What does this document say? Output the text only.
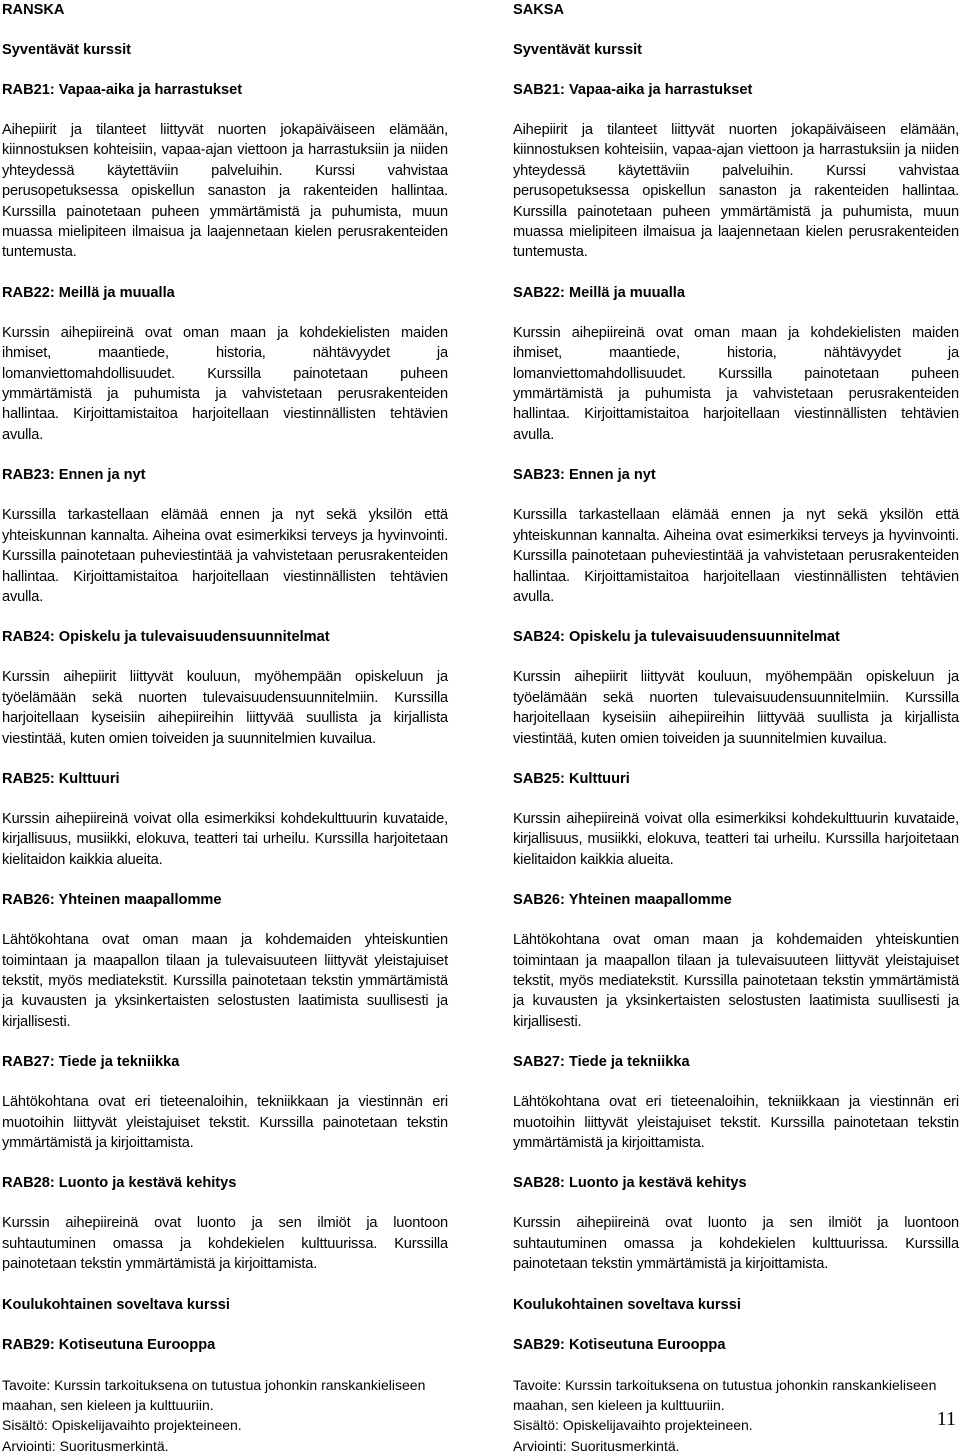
RANSKA
Syventävät kurssit
RAB21: Vapaa-aika ja harrastukset
Aihepiirit ja tilanteet liittyvät nuorten jokapäiväiseen elämään, kiinnostuksen kohteisiin, vapaa-ajan viettoon ja harrastuksiin ja niiden yhteydessä käytettäviin palveluihin. Kurssi vahvistaa perusopetuksessa opiskellun sanaston ja rakenteiden hallintaa. Kurssilla painotetaan puheen ymmärtämistä ja puhumista, muun muassa mielipiteen ilmaisua ja laajennetaan kielen perusrakenteiden tuntemusta.
RAB22: Meillä ja muualla
Kurssin aihepiireinä ovat oman maan ja kohdekielisten maiden ihmiset, maantiede, historia, nähtävyydet ja lomanviettomahdollisuudet. Kurssilla painotetaan puheen ymmärtämistä ja puhumista ja vahvistetaan perusrakenteiden hallintaa. Kirjoittamistaitoa harjoitellaan viestinnällisten tehtävien avulla.
RAB23: Ennen ja nyt
Kurssilla tarkastellaan elämää ennen ja nyt sekä yksilön että yhteiskunnan kannalta. Aiheina ovat esimerkiksi terveys ja hyvinvointi. Kurssilla painotetaan puheviestintää ja vahvistetaan perusrakenteiden hallintaa. Kirjoittamistaitoa harjoitellaan viestinnällisten tehtävien avulla.
RAB24: Opiskelu ja tulevaisuudensuunnitelmat
Kurssin aihepiirit liittyvät kouluun, myöhempään opiskeluun ja työelämään sekä nuorten tulevaisuudensuunnitelmiin. Kurssilla harjoitellaan kyseisiin aihepiireihin liittyvää suullista ja kirjallista viestintää, kuten omien toiveiden ja suunnitelmien kuvailua.
RAB25: Kulttuuri
Kurssin aihepiireinä voivat olla esimerkiksi kohdekulttuurin kuvataide, kirjallisuus, musiikki, elokuva, teatteri tai urheilu. Kurssilla harjoitetaan kielitaidon kaikkia alueita.
RAB26: Yhteinen maapallomme
Lähtökohtana ovat oman maan ja kohdemaiden yhteiskuntien toimintaan ja maapallon tilaan ja tulevaisuuteen liittyvät yleistajuiset tekstit, myös mediatekstit. Kurssilla painotetaan tekstin ymmärtämistä ja kuvausten ja yksinkertaisten selostusten laatimista suullisesti ja kirjallisesti.
RAB27: Tiede ja tekniikka
Lähtökohtana ovat eri tieteenaloihin, tekniikkaan ja viestinnän eri muotoihin liittyvät yleistajuiset tekstit. Kurssilla painotetaan tekstin ymmärtämistä ja kirjoittamista.
RAB28: Luonto ja kestävä kehitys
Kurssin aihepiireinä ovat luonto ja sen ilmiöt ja luontoon suhtautuminen omassa ja kohdekielen kulttuurissa. Kurssilla painotetaan tekstin ymmärtämistä ja kirjoittamista.
Koulukohtainen soveltava kurssi
RAB29: Kotiseutuna Eurooppa

Tavoite: Kurssin tarkoituksena on tutustua johonkin ranskankieliseen maahan, sen kieleen ja kulttuuriin.

Sisältö: Opiskelijavaihto projekteineen.

Arviointi: Suoritusmerkintä.

SAKSA
Syventävät kurssit
SAB21: Vapaa-aika ja harrastukset
Aihepiirit ja tilanteet liittyvät nuorten jokapäiväiseen elämään, kiinnostuksen kohteisiin, vapaa-ajan viettoon ja harrastuksiin ja niiden yhteydessä käytettäviin palveluihin. Kurssi vahvistaa perusopetuksessa opiskellun sanaston ja rakenteiden hallintaa. Kurssilla painotetaan puheen ymmärtämistä ja puhumista, muun muassa mielipiteen ilmaisua ja laajennetaan kielen perusrakenteiden tuntemusta.
SAB22: Meillä ja muualla
Kurssin aihepiireinä ovat oman maan ja kohdekielisten maiden ihmiset, maantiede, historia, nähtävyydet ja lomanviettomahdollisuudet. Kurssilla painotetaan puheen ymmärtämistä ja puhumista ja vahvistetaan perusrakenteiden hallintaa. Kirjoittamistaitoa harjoitellaan viestinnällisten tehtävien avulla.
SAB23: Ennen ja nyt
Kurssilla tarkastellaan elämää ennen ja nyt sekä yksilön että yhteiskunnan kannalta. Aiheina ovat esimerkiksi terveys ja hyvinvointi. Kurssilla painotetaan puheviestintää ja vahvistetaan perusrakenteiden hallintaa. Kirjoittamistaitoa harjoitellaan viestinnällisten tehtävien avulla.
SAB24: Opiskelu ja tulevaisuudensuunnitelmat
Kurssin aihepiirit liittyvät kouluun, myöhempään opiskeluun ja työelämään sekä nuorten tulevaisuudensuunnitelmiin. Kurssilla harjoitellaan kyseisiin aihepiireihin liittyvää suullista ja kirjallista viestintää, kuten omien toiveiden ja suunnitelmien kuvailua.
SAB25: Kulttuuri
Kurssin aihepiireinä voivat olla esimerkiksi kohdekulttuurin kuvataide, kirjallisuus, musiikki, elokuva, teatteri tai urheilu. Kurssilla harjoitetaan kielitaidon kaikkia alueita.
SAB26: Yhteinen maapallomme
Lähtökohtana ovat oman maan ja kohdemaiden yhteiskuntien toimintaan ja maapallon tilaan ja tulevaisuuteen liittyvät yleistajuiset tekstit, myös mediatekstit. Kurssilla painotetaan tekstin ymmärtämistä ja kuvausten ja yksinkertaisten selostusten laatimista suullisesti ja kirjallisesti.
SAB27: Tiede ja tekniikka
Lähtökohtana ovat eri tieteenaloihin, tekniikkaan ja viestinnän eri muotoihin liittyvät yleistajuiset tekstit. Kurssilla painotetaan tekstin ymmärtämistä ja kirjoittamista.
SAB28: Luonto ja kestävä kehitys
Kurssin aihepiireinä ovat luonto ja sen ilmiöt ja luontoon suhtautuminen omassa ja kohdekielen kulttuurissa. Kurssilla painotetaan tekstin ymmärtämistä ja kirjoittamista.
Koulukohtainen soveltava kurssi
SAB29: Kotiseutuna Eurooppa

Tavoite: Kurssin tarkoituksena on tutustua johonkin ranskankieliseen maahan, sen kieleen ja kulttuuriin.

Sisältö: Opiskelijavaihto projekteineen.

Arviointi: Suoritusmerkintä.

11
